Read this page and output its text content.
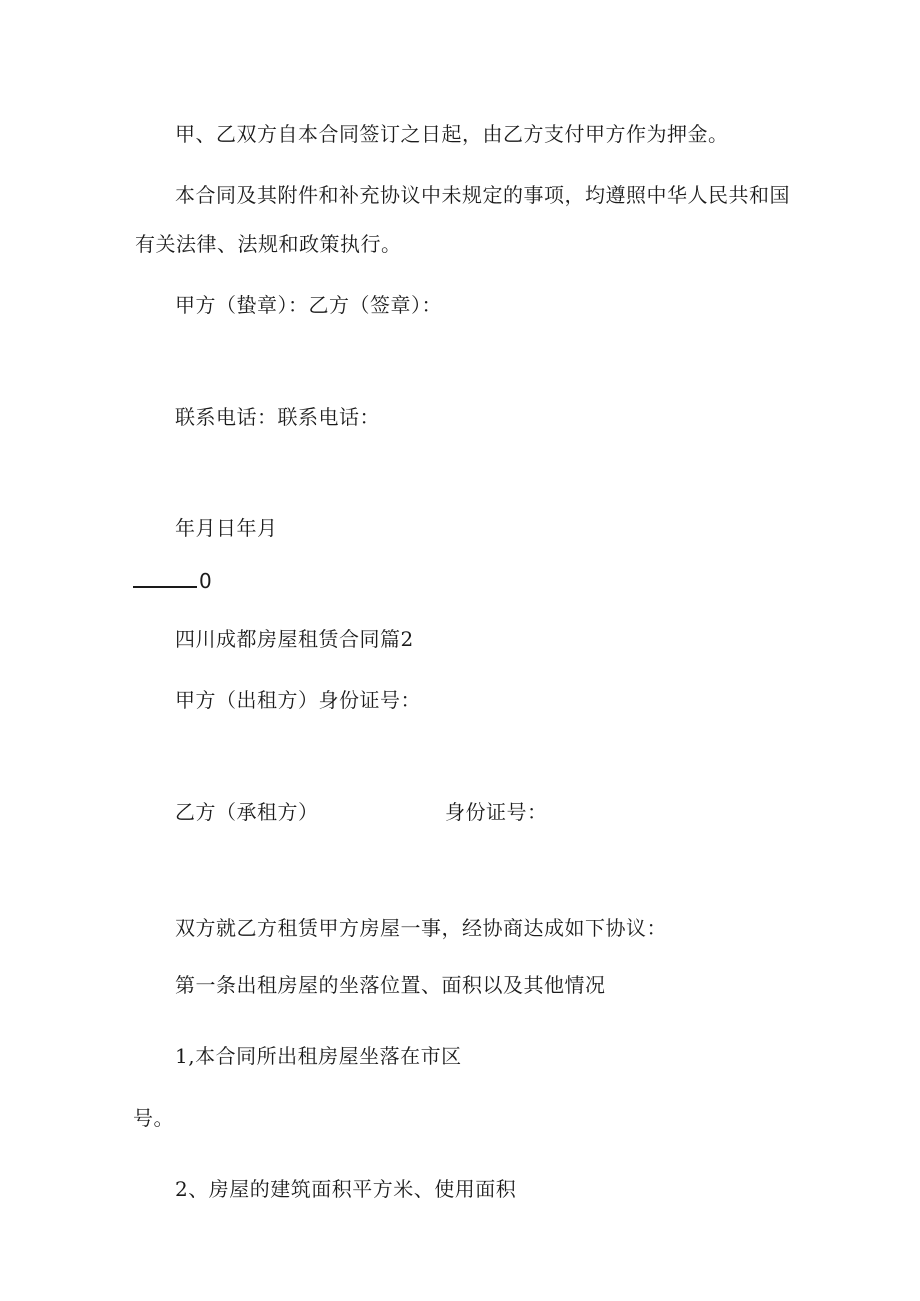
甲、乙双方自本合同签订之日起，由乙方支付甲方作为押金。
本合同及其附件和补充协议中未规定的事项，均遵照中华人民共和国
有关法律、法规和政策执行。
甲方（蛰章）：乙方（签章）：
联系电话：联系电话：
年月日年月
0
四川成都房屋租赁合同篇2
甲方（出租方）身份证号：
乙方（承租方）	身份证号：
双方就乙方租赁甲方房屋一事，经协商达成如下协议：
第一条出租房屋的坐落位置、面积以及其他情况
1,本合同所出租房屋坐落在市区
号。
2、房屋的建筑面积平方米、使用面积
